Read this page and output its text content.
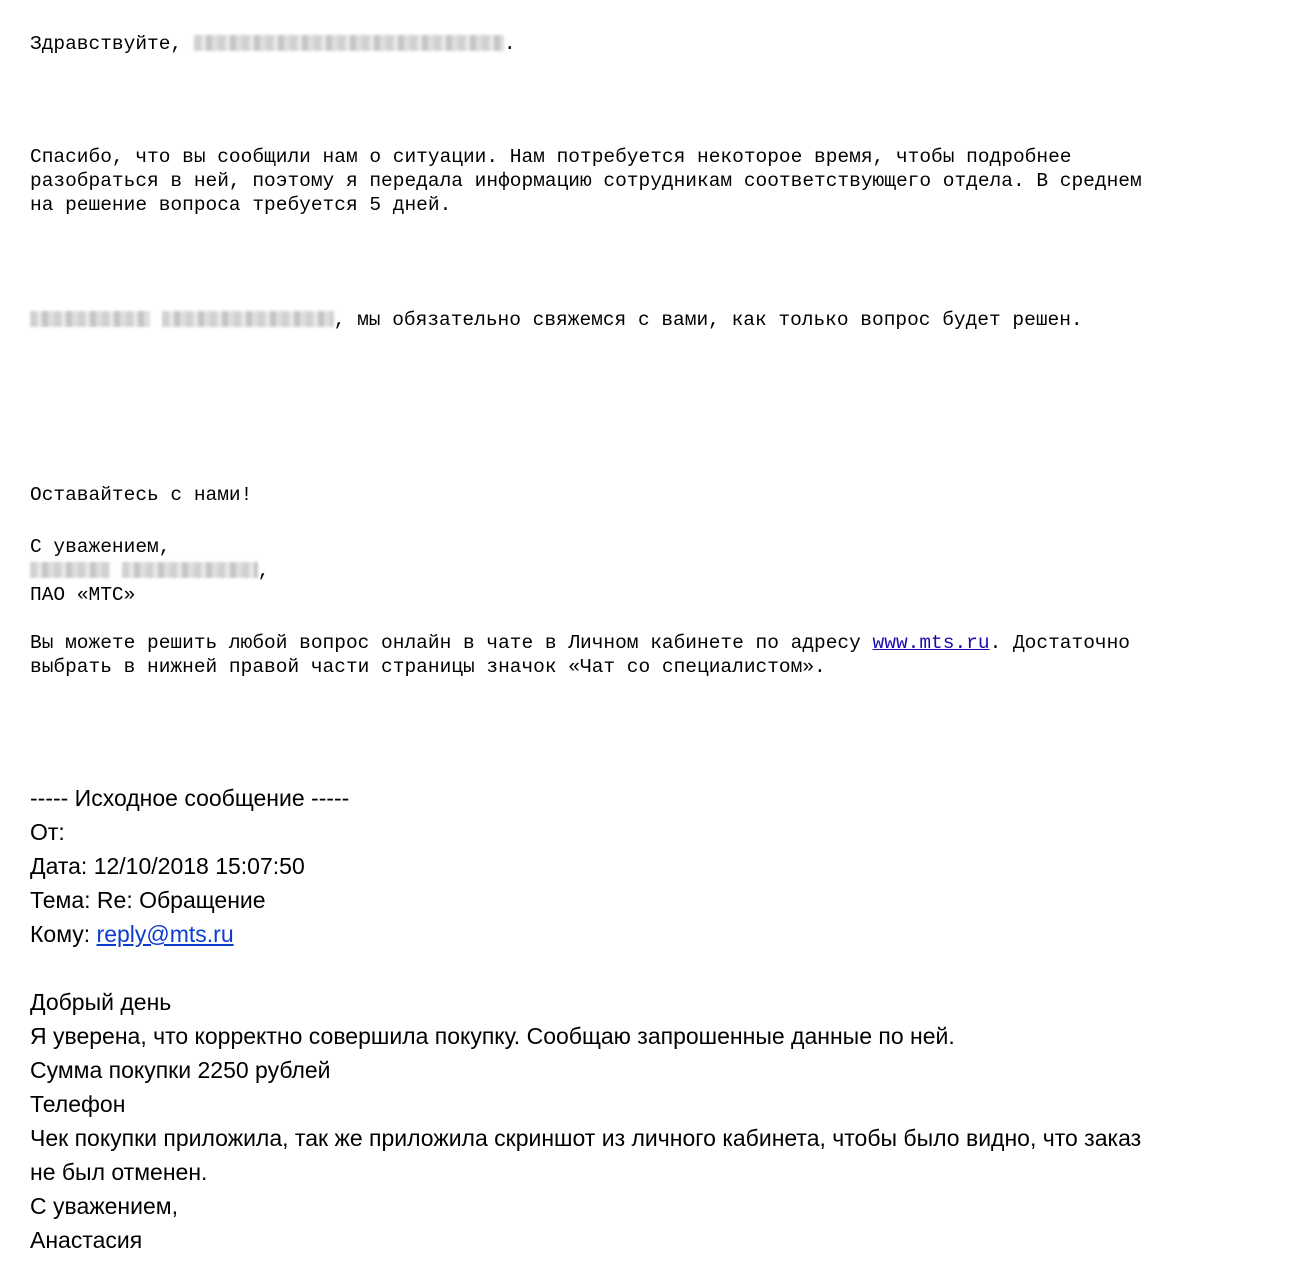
Здравствуйте,	.

Спасибо, что вы сообщили нам о ситуации. Нам потребуется некоторое время, чтобы подробнее

разобраться в ней, поэтому я передала информацию сотрудникам соответствующего отдела. В среднем

на решение вопроса требуется 5 дней.

, мы обязательно свяжемся с вами, как только вопрос будет решен.

Оставайтесь с нами!

С уважением,

,

ПАО «МТС»

Вы можете решить любой вопрос онлайн в чате в Личном кабинете по адресу www.mts.ru. Достаточно

выбрать в нижней правой части страницы значок «Чат со специалистом».

----- Исходное сообщение -----

От:

Дата: 12/10/2018 15:07:50

Тема: Re: Обращение

Кому: reply@mts.ru

Добрый день

Я уверена, что корректно совершила покупку. Сообщаю запрошенные данные по ней.

Сумма покупки 2250 рублей

Телефон

Чек покупки приложила, так же приложила скриншот из личного кабинета, чтобы было видно, что заказ

не был отменен.

С уважением,

Анастасия
